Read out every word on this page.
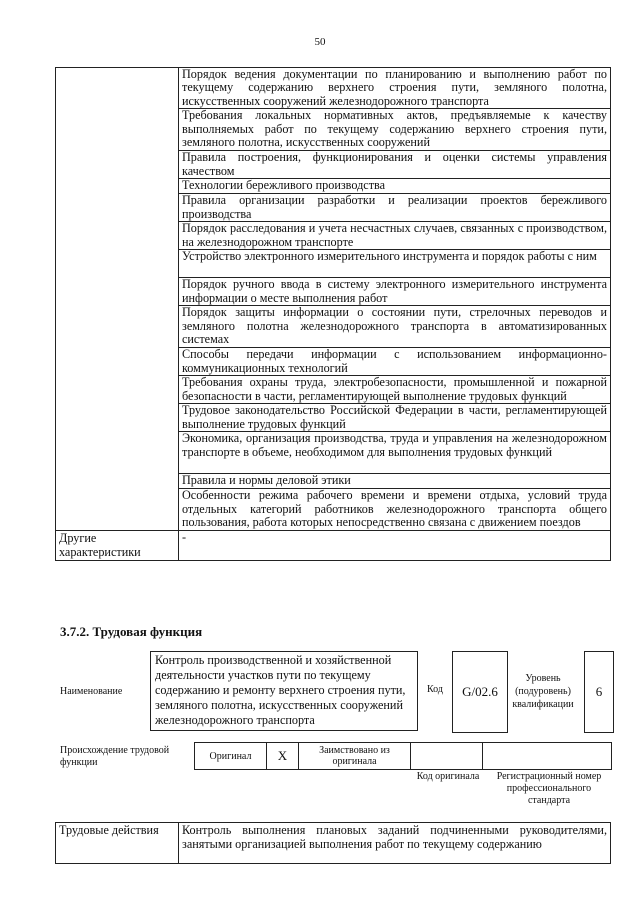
50
	Порядок ведения документации по планированию и выполнению работ по текущему содержанию верхнего строения пути, земляного полотна, искусственных сооружений железнодорожного транспорта
	Требования локальных нормативных актов, предъявляемые к качеству выполняемых работ по текущему содержанию верхнего строения пути, земляного полотна, искусственных сооружений
	Правила построения, функционирования и оценки системы управления качеством
	Технологии бережливого производства
	Правила организации разработки и реализации проектов бережливого производства
	Порядок расследования и учета несчастных случаев, связанных с производством, на железнодорожном транспорте
	Устройство электронного измерительного инструмента и порядок работы с ним
	Порядок ручного ввода в систему электронного измерительного инструмента информации о месте выполнения работ
	Порядок защиты информации о состоянии пути, стрелочных переводов и земляного полотна железнодорожного транспорта в автоматизированных системах
	Способы передачи информации с использованием информационно-коммуникационных технологий
	Требования охраны труда, электробезопасности, промышленной и пожарной безопасности в части, регламентирующей выполнение трудовых функций
	Трудовое законодательство Российской Федерации в части, регламентирующей выполнение трудовых функций
	Экономика, организация производства, труда и управления на железнодорожном транспорте в объеме, необходимом для выполнения трудовых функций
	Правила и нормы деловой этики
	Особенности режима рабочего времени и времени отдыха, условий труда отдельных категорий работников железнодорожного транспорта общего пользования, работа которых непосредственно связана с движением поездов
Другие характеристики	-
3.7.2. Трудовая функция
Наименование
Контроль производственной и хозяйственной деятельности участков пути по текущему содержанию и ремонту верхнего строения пути, земляного полотна, искусственных сооружений железнодорожного транспорта
Код	G/02.6
Уровень (подуровень) квалификации
6
Происхождение трудовой функции
Оригинал	X	Заимствовано из оригинала		
Код оригинала	Регистрационный номер профессионального стандарта
Трудовые действия	Контроль выполнения плановых заданий подчиненными руководителями, занятыми организацией выполнения работ по текущему содержанию
